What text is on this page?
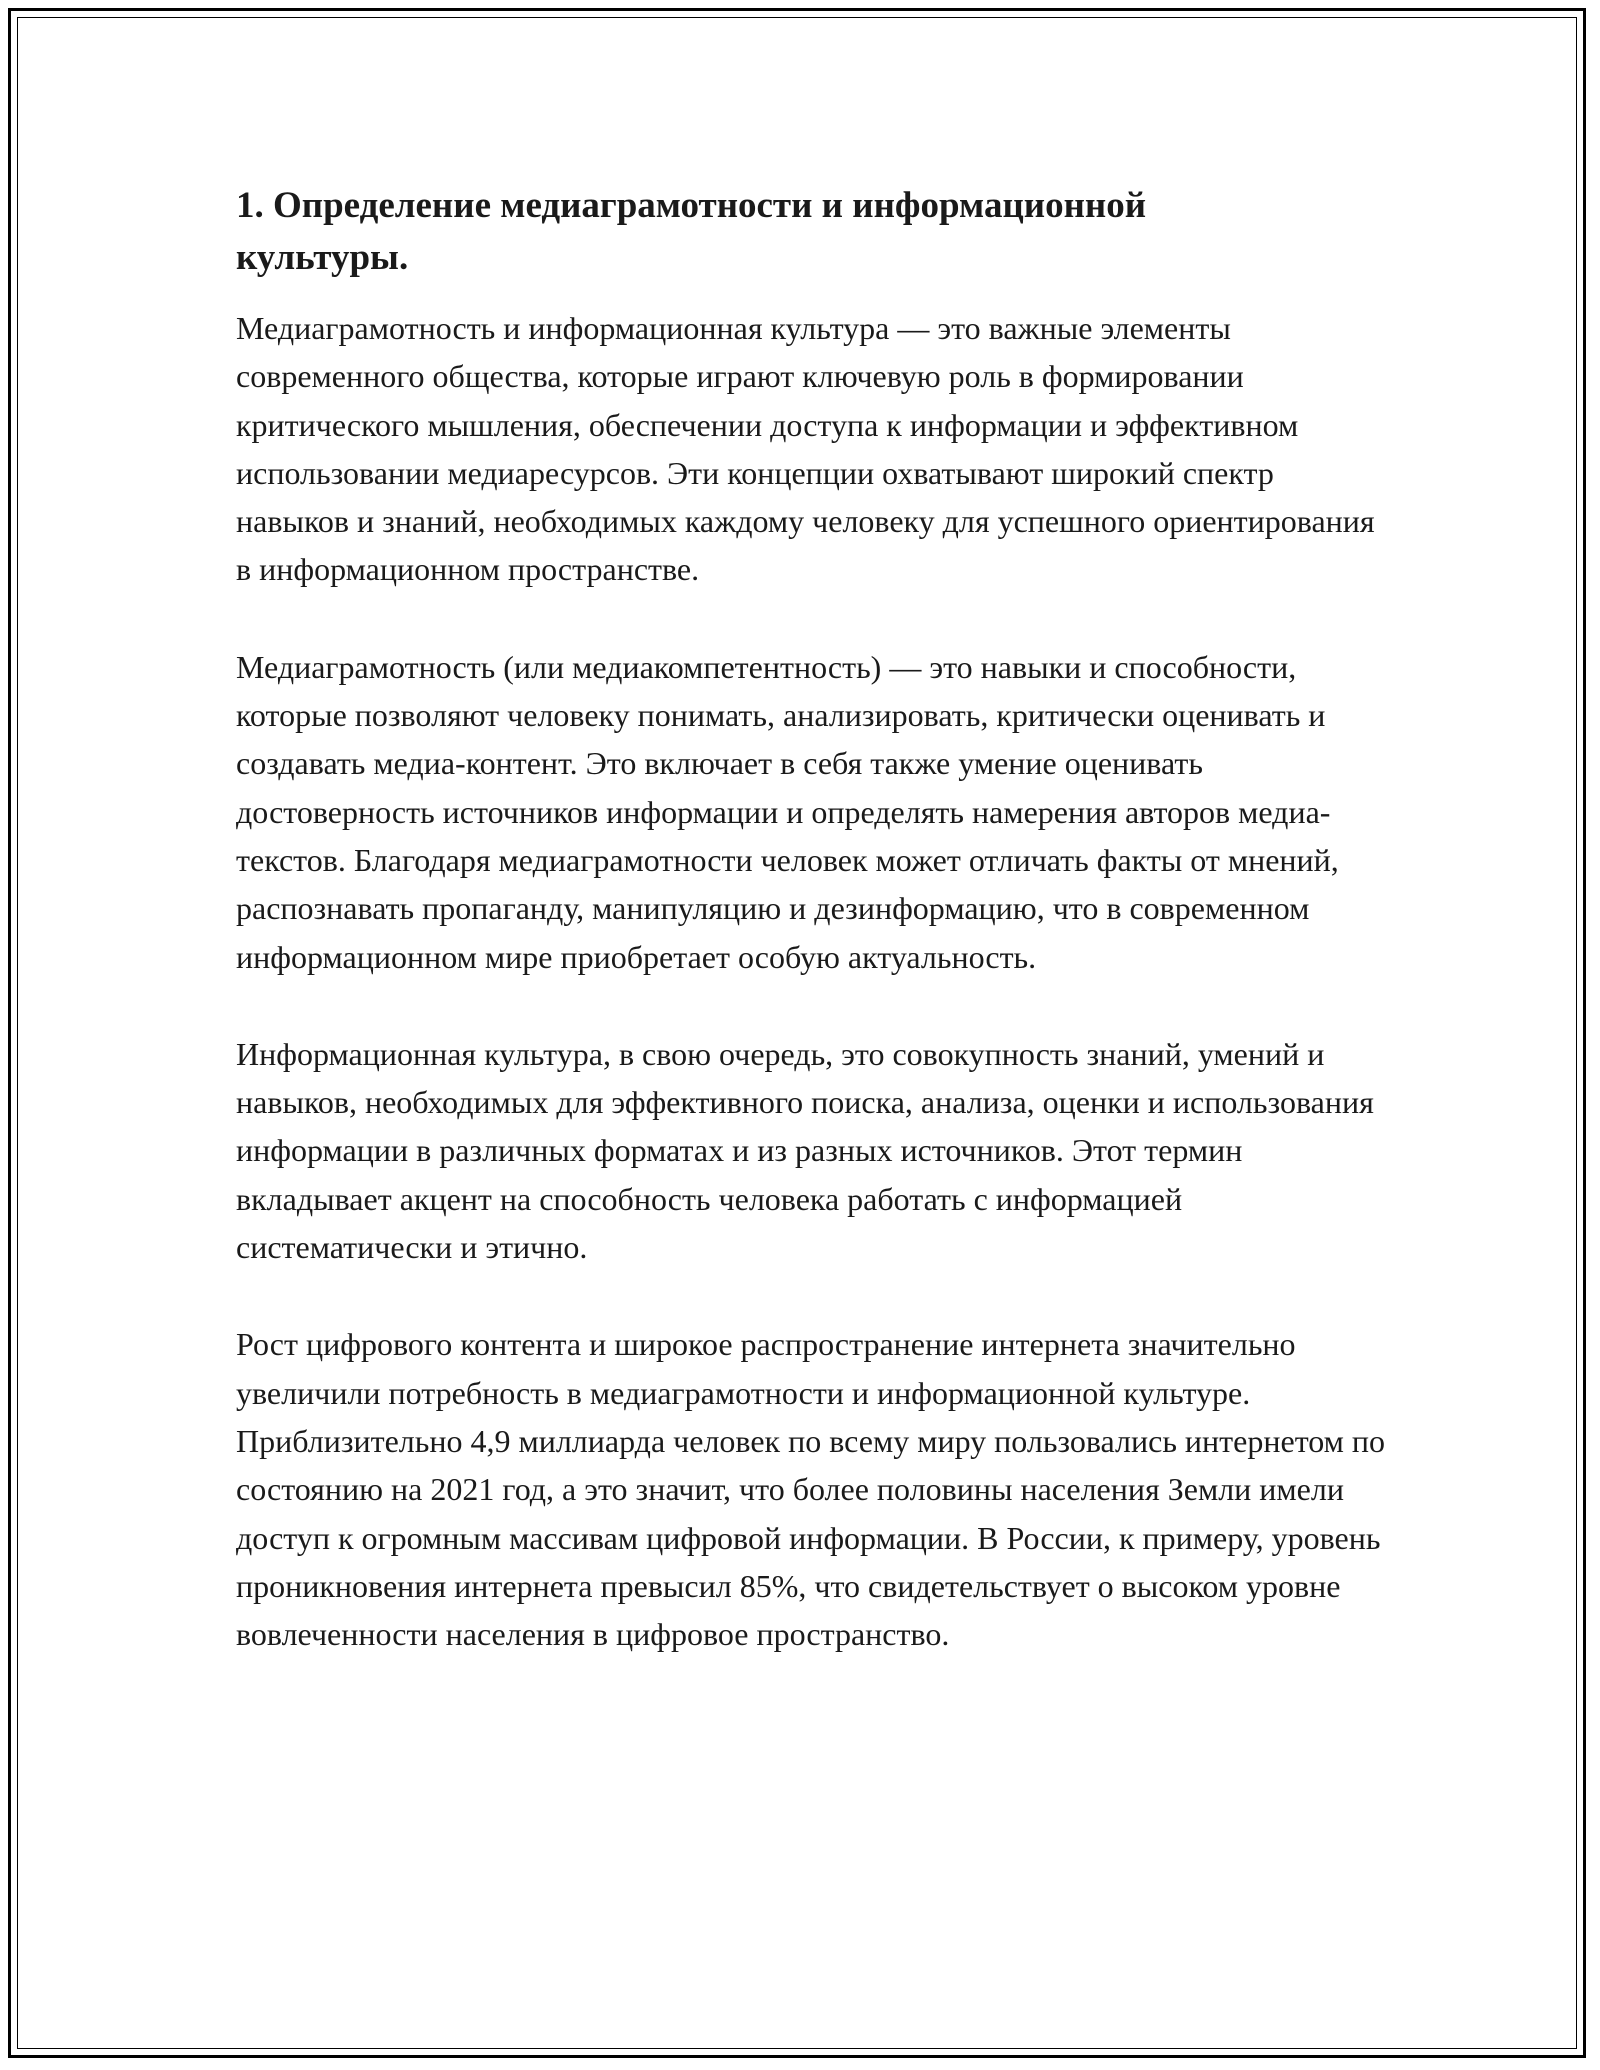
1. Определение медиаграмотности и информационной культуры.

Медиаграмотность и информационная культура — это важные элементы современного общества, которые играют ключевую роль в формировании критического мышления, обеспечении доступа к информации и эффективном использовании медиаресурсов. Эти концепции охватывают широкий спектр навыков и знаний, необходимых каждому человеку для успешного ориентирования в информационном пространстве.

Медиаграмотность (или медиакомпетентность) — это навыки и способности, которые позволяют человеку понимать, анализировать, критически оценивать и создавать медиа-контент. Это включает в себя также умение оценивать достоверность источников информации и определять намерения авторов медиа-текстов. Благодаря медиаграмотности человек может отличать факты от мнений, распознавать пропаганду, манипуляцию и дезинформацию, что в современном информационном мире приобретает особую актуальность.

Информационная культура, в свою очередь, это совокупность знаний, умений и навыков, необходимых для эффективного поиска, анализа, оценки и использования информации в различных форматах и из разных источников. Этот термин вкладывает акцент на способность человека работать с информацией систематически и этично.

Рост цифрового контента и широкое распространение интернета значительно увеличили потребность в медиаграмотности и информационной культуре. Приблизительно 4,9 миллиарда человек по всему миру пользовались интернетом по состоянию на 2021 год, а это значит, что более половины населения Земли имели доступ к огромным массивам цифровой информации. В России, к примеру, уровень проникновения интернета превысил 85%, что свидетельствует о высоком уровне вовлеченности населения в цифровое пространство.
